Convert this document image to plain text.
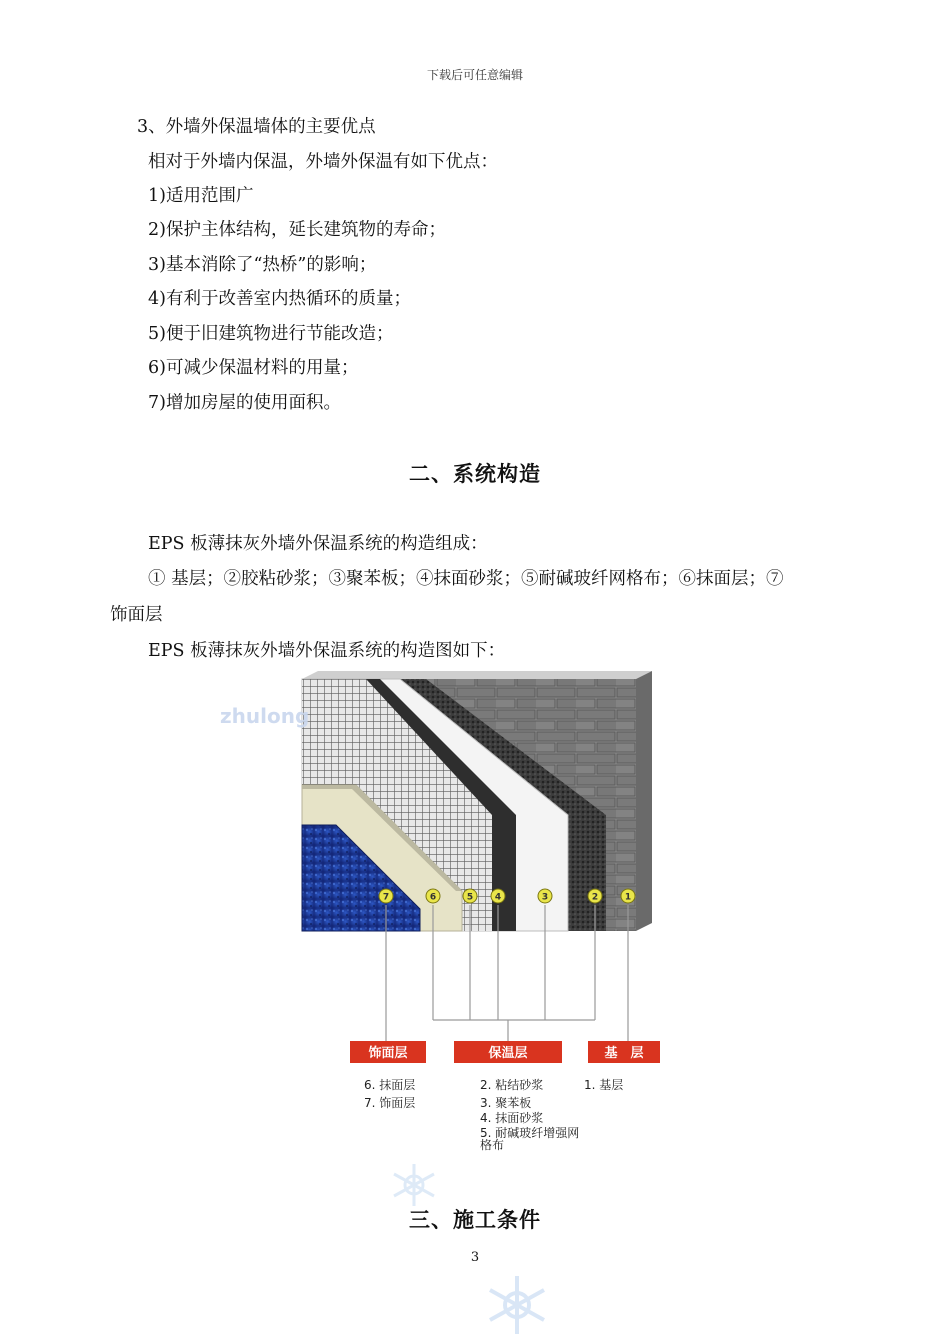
下载后可任意编辑
3、外墙外保温墙体的主要优点
相对于外墙内保温，外墙外保温有如下优点：
1)适用范围广
2)保护主体结构，延长建筑物的寿命；
3)基本消除了“热桥”的影响；
4)有利于改善室内热循环的质量；
5)便于旧建筑物进行节能改造；
6)可减少保温材料的用量；
7)增加房屋的使用面积。
二、系统构造
EPS 板薄抹灰外墙外保温系统的构造组成：
① 基层；②胶粘砂浆；③聚苯板；④抹面砂浆；⑤耐碱玻纤网格布；⑥抹面层；⑦
饰面层
EPS 板薄抹灰外墙外保温系统的构造图如下：
zhulong
7	6	5 4	3	2	1
饰面层	保温层	基　层
6. 抹面层
7. 饰面层
2. 粘结砂浆
3. 聚苯板
4. 抹面砂浆
5. 耐碱玻纤增强网
格布
1. 基层
三、施工条件
3
